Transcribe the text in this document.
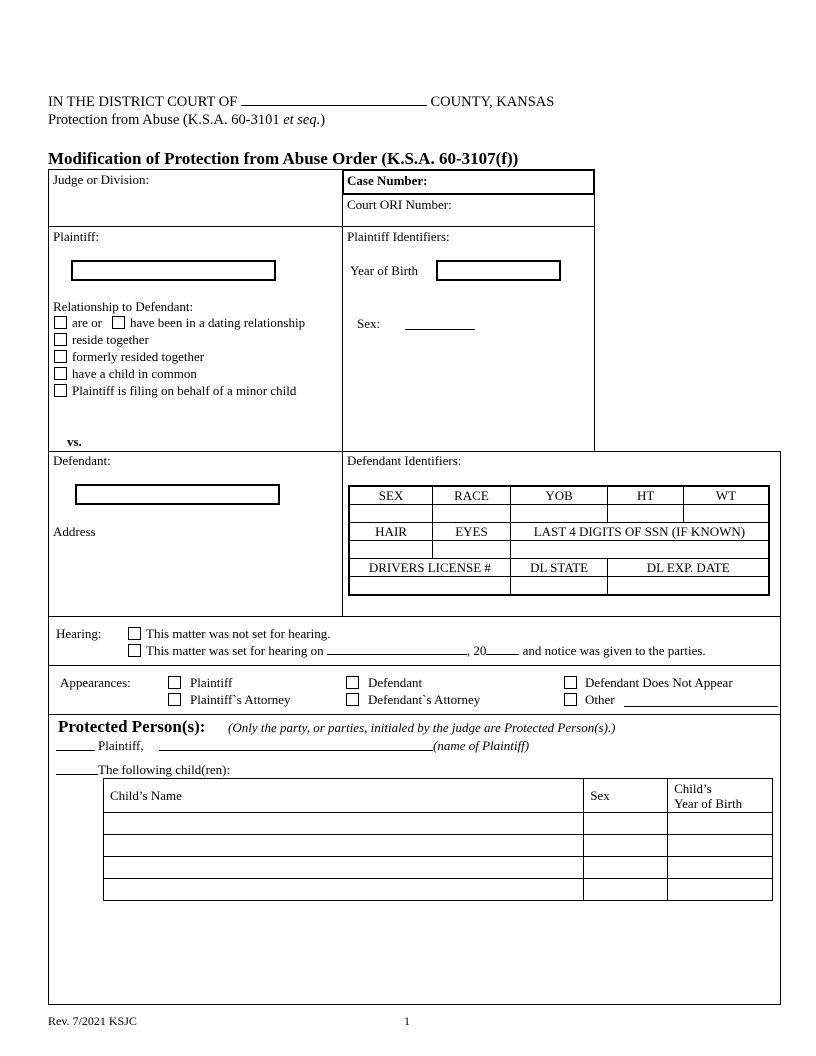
IN THE DISTRICT COURT OF	COUNTY, KANSAS
Protection from Abuse (K.S.A. 60-3101 et seq.)
Modification of Protection from Abuse Order (K.S.A. 60-3107(f))
Judge or Division:	Case Number:
Court ORI Number:
Plaintiff:
Relationship to Defendant:
are or have been in a dating relationship
reside together
formerly resided together
have a child in common
Plaintiff is filing on behalf of a minor child
vs.
Plaintiff Identifiers:
Year of Birth
Sex:
Defendant:
Address
Defendant Identifiers:
SEX	RACE	YOB	HT	WT

HAIR	EYES	LAST 4 DIGITS OF SSN (IF KNOWN)		

DRIVERS LICENSE #		DL STATE	DL EXP. DATE	

Hearing:	This matter was not set for hearing.
This matter was set for hearing on	, 20	and notice was given to the parties.
Appearances:	Plaintiff
Plaintiff`s Attorney
Defendant
Defendant`s Attorney
Defendant Does Not Appear
Other
Protected Person(s): (Only the party, or parties, initialed by the judge are Protected Person(s).)
Plaintiff,	(name of Plaintiff)
The following child(ren):
Child’s Name	Sex	Child’s
Year of Birth

Rev. 7/2021 KSJC	1
